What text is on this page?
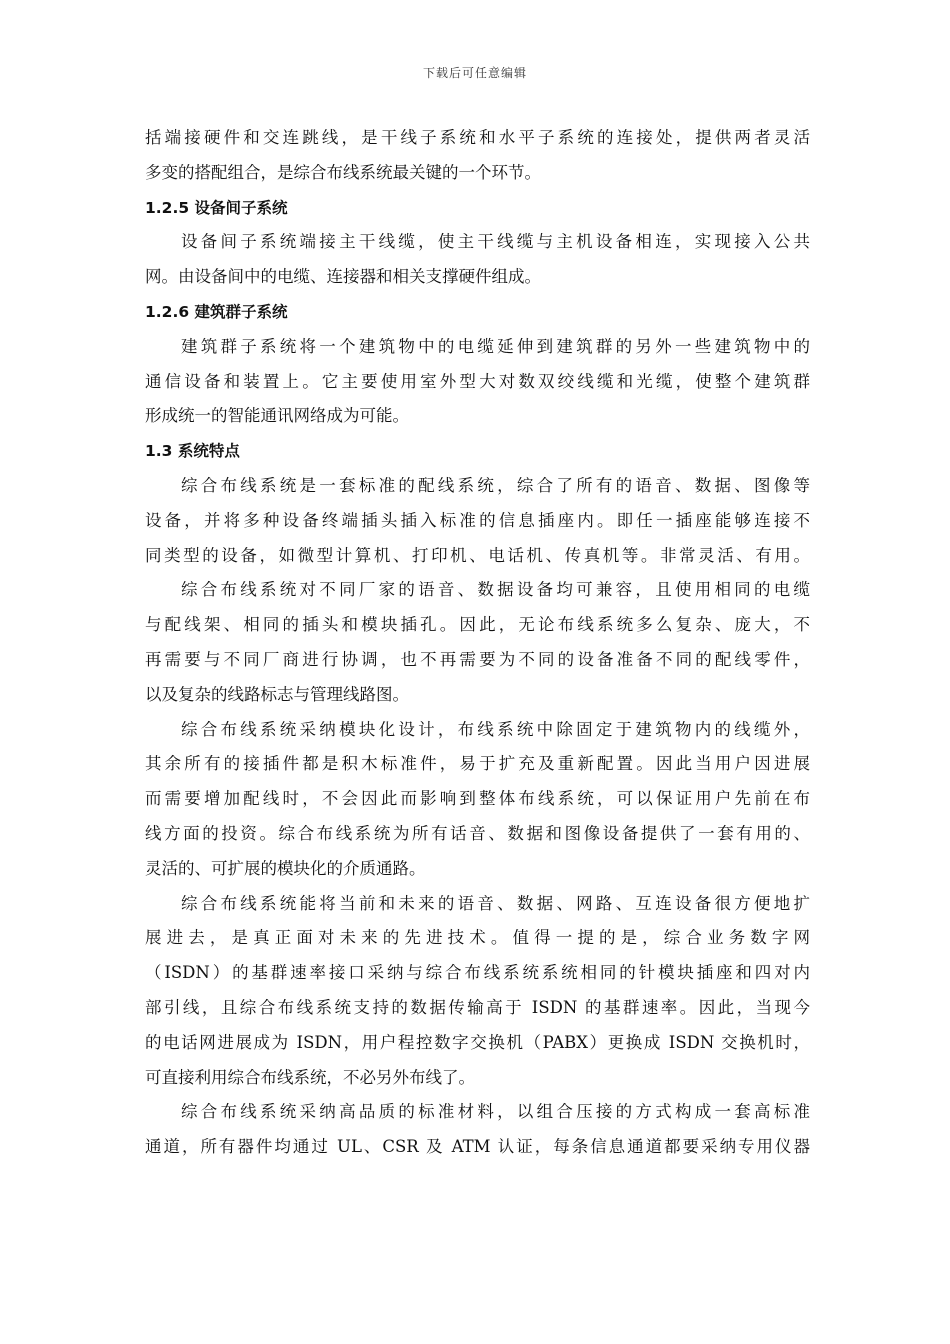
下载后可任意编辑
括端接硬件和交连跳线，是干线子系统和水平子系统的连接处，提供两者灵活
多变的搭配组合，是综合布线系统最关键的一个环节。
1.2.5 设备间子系统
设备间子系统端接主干线缆，使主干线缆与主机设备相连，实现接入公共
网。由设备间中的电缆、连接器和相关支撑硬件组成。
1.2.6 建筑群子系统
建筑群子系统将一个建筑物中的电缆延伸到建筑群的另外一些建筑物中的
通信设备和装置上。它主要使用室外型大对数双绞线缆和光缆，使整个建筑群
形成统一的智能通讯网络成为可能。
1.3 系统特点
综合布线系统是一套标准的配线系统，综合了所有的语音、数据、图像等
设备，并将多种设备终端插头插入标准的信息插座内。即任一插座能够连接不
同类型的设备，如微型计算机、打印机、电话机、传真机等。非常灵活、有用。
综合布线系统对不同厂家的语音、数据设备均可兼容，且使用相同的电缆
与配线架、相同的插头和模块插孔。因此，无论布线系统多么复杂、庞大，不
再需要与不同厂商进行协调，也不再需要为不同的设备准备不同的配线零件，
以及复杂的线路标志与管理线路图。
综合布线系统采纳模块化设计，布线系统中除固定于建筑物内的线缆外，
其余所有的接插件都是积木标准件，易于扩充及重新配置。因此当用户因进展
而需要增加配线时，不会因此而影响到整体布线系统，可以保证用户先前在布
线方面的投资。综合布线系统为所有话音、数据和图像设备提供了一套有用的、
灵活的、可扩展的模块化的介质通路。
综合布线系统能将当前和未来的语音、数据、网路、互连设备很方便地扩
展进去，是真正面对未来的先进技术。值得一提的是，综合业务数字网
（ISDN）的基群速率接口采纳与综合布线系统系统相同的针模块插座和四对内
部引线，且综合布线系统支持的数据传输高于 ISDN 的基群速率。因此，当现今
的电话网进展成为 ISDN，用户程控数字交换机（PABX）更换成 ISDN 交换机时，
可直接利用综合布线系统，不必另外布线了。
综合布线系统采纳高品质的标准材料，以组合压接的方式构成一套高标准
通道，所有器件均通过 UL、CSR 及 ATM 认证，每条信息通道都要采纳专用仪器
